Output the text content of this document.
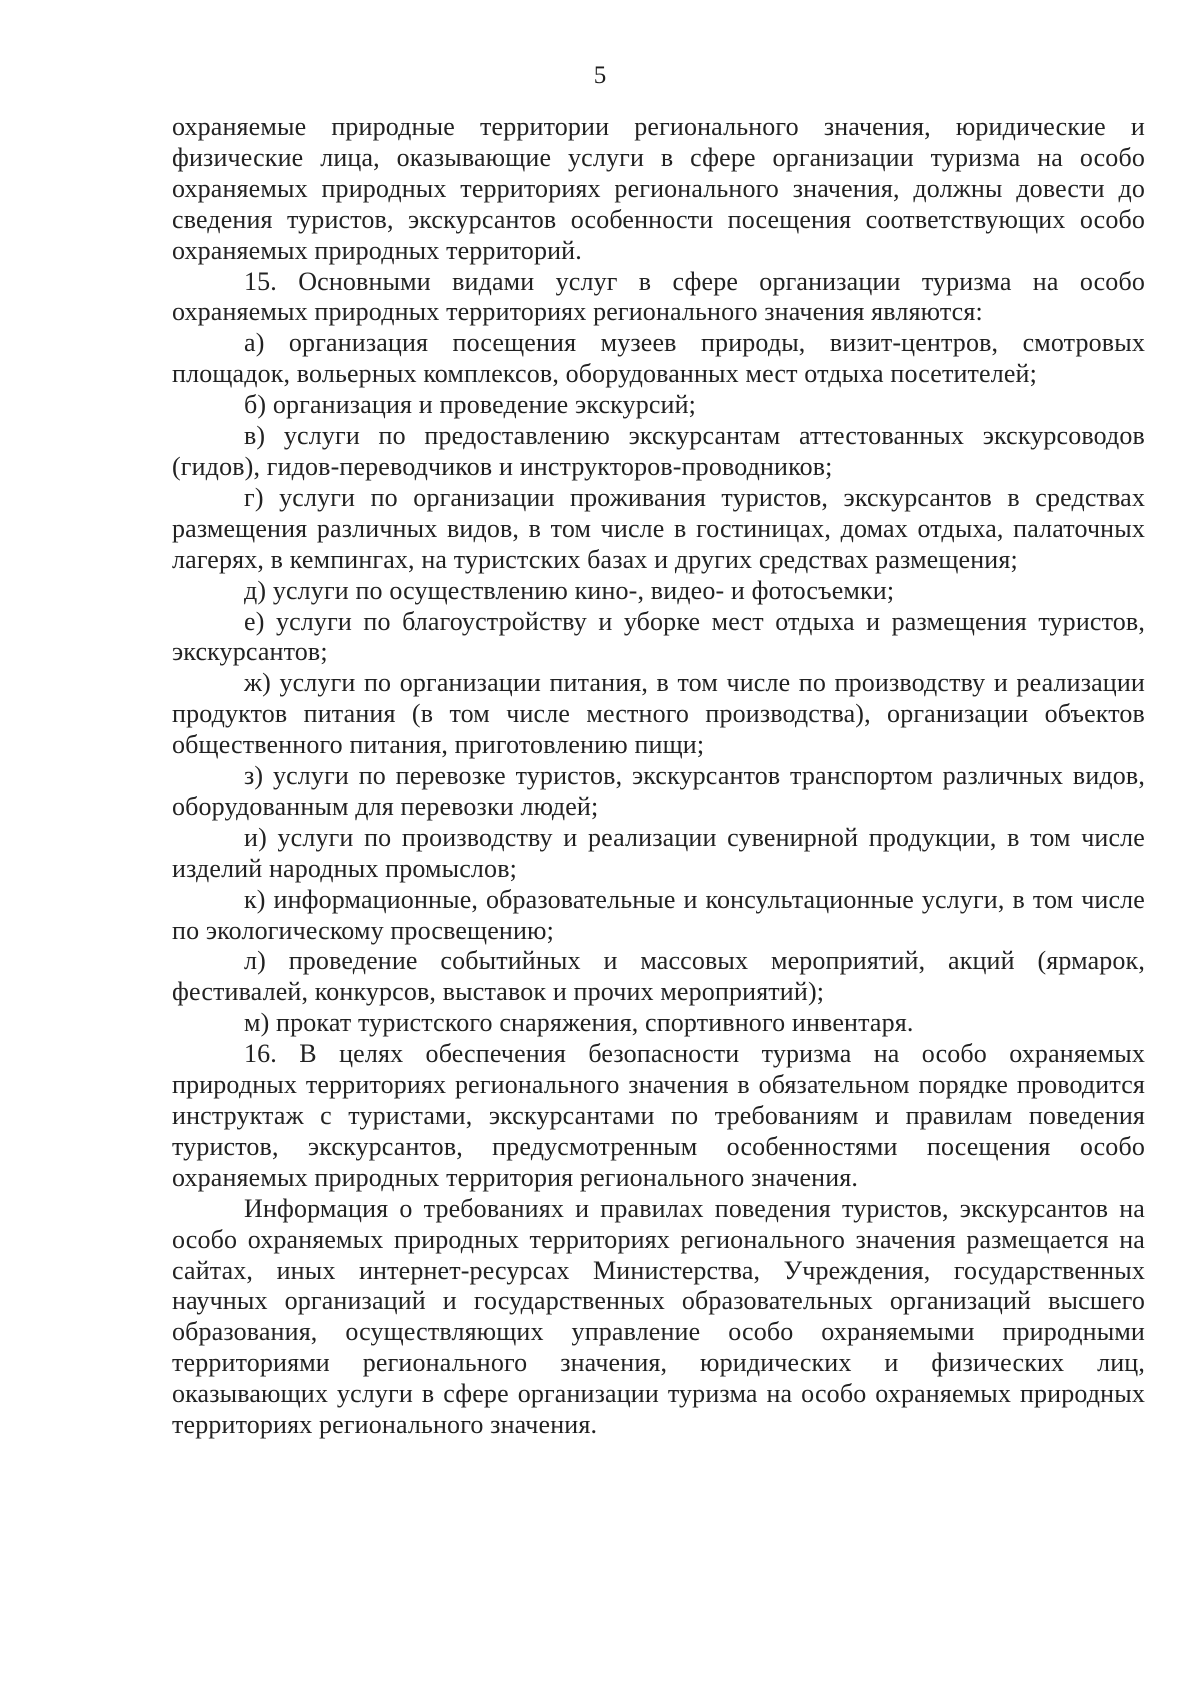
5

охраняемые природные территории регионального значения, юридические и физические лица, оказывающие услуги в сфере организации туризма на особо охраняемых природных территориях регионального значения, должны довести до сведения туристов, экскурсантов особенности посещения соответствующих особо охраняемых природных территорий.

15. Основными видами услуг в сфере организации туризма на особо охраняемых природных территориях регионального значения являются:

а) организация посещения музеев природы, визит-центров, смотровых площадок, вольерных комплексов, оборудованных мест отдыха посетителей;

б) организация и проведение экскурсий;

в) услуги по предоставлению экскурсантам аттестованных экскурсоводов (гидов), гидов-переводчиков и инструкторов-проводников;

г) услуги по организации проживания туристов, экскурсантов в средствах размещения различных видов, в том числе в гостиницах, домах отдыха, палаточных лагерях, в кемпингах, на туристских базах и других средствах размещения;

д) услуги по осуществлению кино-, видео- и фотосъемки;

е) услуги по благоустройству и уборке мест отдыха и размещения туристов, экскурсантов;

ж) услуги по организации питания, в том числе по производству и реализации продуктов питания (в том числе местного производства), организации объектов общественного питания, приготовлению пищи;

з) услуги по перевозке туристов, экскурсантов транспортом различных видов, оборудованным для перевозки людей;

и) услуги по производству и реализации сувенирной продукции, в том числе изделий народных промыслов;

к) информационные, образовательные и консультационные услуги, в том числе по экологическому просвещению;

л) проведение событийных и массовых мероприятий, акций (ярмарок, фестивалей, конкурсов, выставок и прочих мероприятий);

м) прокат туристского снаряжения, спортивного инвентаря.

16. В целях обеспечения безопасности туризма на особо охраняемых природных территориях регионального значения в обязательном порядке проводится инструктаж с туристами, экскурсантами по требованиям и правилам поведения туристов, экскурсантов, предусмотренным особенностями посещения особо охраняемых природных территория регионального значения.

Информация о требованиях и правилах поведения туристов, экскурсантов на особо охраняемых природных территориях регионального значения размещается на сайтах, иных интернет-ресурсах Министерства, Учреждения, государственных научных организаций и государственных образовательных организаций высшего образования, осуществляющих управление особо охраняемыми природными территориями регионального значения, юридических и физических лиц, оказывающих услуги в сфере организации туризма на особо охраняемых природных территориях регионального значения.
